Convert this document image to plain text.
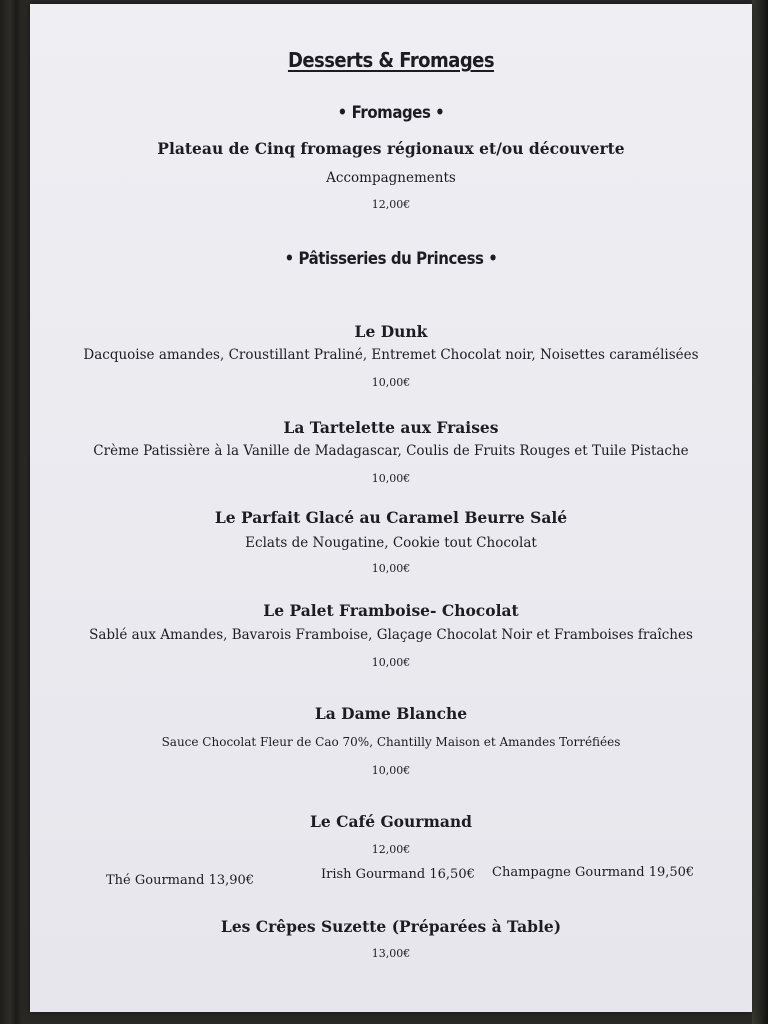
Desserts & Fromages
• Fromages •
Plateau de Cinq fromages régionaux et/ou découverte
Accompagnements
12,00€
• Pâtisseries du Princess •
Le Dunk
Dacquoise amandes, Croustillant Praliné, Entremet Chocolat noir, Noisettes caramélisées
10,00€
La Tartelette aux Fraises
Crème Patissière à la Vanille de Madagascar, Coulis de Fruits Rouges et Tuile Pistache
10,00€
Le Parfait Glacé au Caramel Beurre Salé
Eclats de Nougatine, Cookie tout Chocolat
10,00€
Le Palet Framboise- Chocolat
Sablé aux Amandes, Bavarois Framboise, Glaçage Chocolat Noir et Framboises fraîches
10,00€
La Dame Blanche
Sauce Chocolat Fleur de Cao 70%, Chantilly Maison et Amandes Torréfiées
10,00€
Le Café Gourmand
12,00€
Thé Gourmand 13,90€	Irish Gourmand 16,50€ Champagne Gourmand 19,50€
Les Crêpes Suzette (Préparées à Table)
13,00€
